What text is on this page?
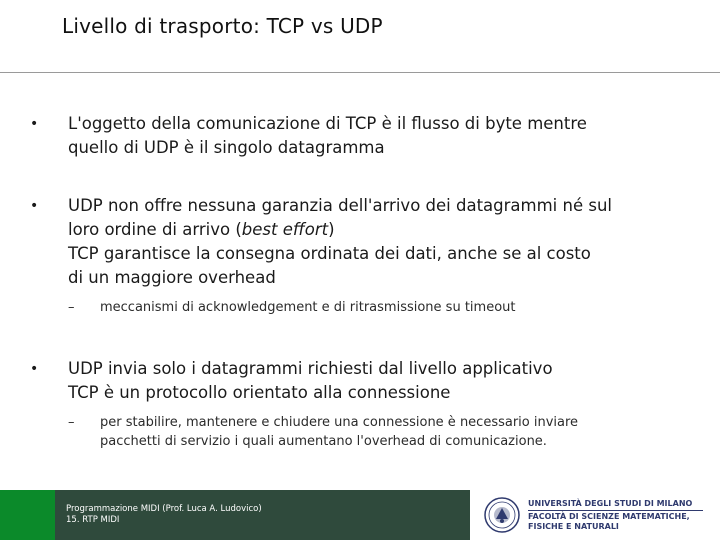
Livello di trasporto: TCP vs UDP
• L'oggetto della comunicazione di TCP è il flusso di byte mentre

quello di UDP è il singolo datagramma

• UDP non offre nessuna garanzia dell'arrivo dei datagrammi né sul

loro ordine di arrivo (best effort)

TCP garantisce la consegna ordinata dei dati, anche se al costo

di un maggiore overhead

– meccanismi di acknowledgement e di ritrasmissione su timeout

• UDP invia solo i datagrammi richiesti dal livello applicativo

TCP è un protocollo orientato alla connessione

– per stabilire, mantenere e chiudere una connessione è necessario inviare

pacchetti di servizio i quali aumentano l'overhead di comunicazione.

Programmazione MIDI (Prof. Luca A. Ludovico)
15. RTP MIDI
UNIVERSITÀ DEGLI STUDI DI MILANO
FACOLTÀ DI SCIENZE MATEMATICHE,
FISICHE E NATURALI
